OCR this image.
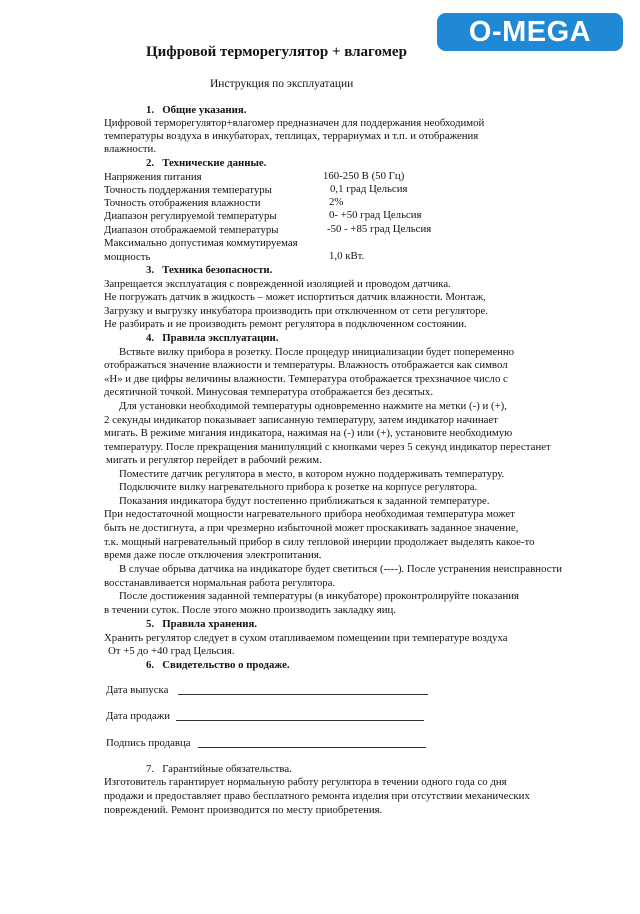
O-MEGA
Цифровой терморегулятор + влагомер
Инструкция по эксплуатации
1.   Общие указания.
Цифровой терморегулятор+влагомер предназначен для поддержания необходимой
температуры воздуха в инкубаторах, теплицах, террариумах и т.п. и отображения
влажности.
2.   Технические данные.
Напряжения питания	160-250 В (50 Гц)
Точность поддержания температуры	0,1 град Цельсия
Точность отображения влажности	2%
Диапазон регулируемой температуры	0- +50 град Цельсия
Диапазон отображаемой температуры	-50 - +85 град Цельсия
Максимально допустимая коммутируемая
мощность	1,0 кВт.
3.   Техника безопасности.
Запрещается эксплуатация с поврежденной изоляцией и проводом датчика.
Не погружать датчик в жидкость – может испортиться датчик влажности. Монтаж,
Загрузку и выгрузку инкубатора производить при отключенном от сети регуляторе.
Не разбирать и не производить ремонт регулятора в подключенном состоянии.
4.   Правила эксплуатации.
Вствьте вилку прибора в розетку. После процедур инициализации будет попеременно
отображаться значение влажности и температуры. Влажность отображается как символ
«Н» и две цифры величины влажности. Температура отображается трехзначное число с
десятичной точкой. Минусовая температура отображается без десятых.
Для установки необходимой температуры одновременно нажмите на метки (-) и (+),
2 секунды индикатор показывает записанную температуру, затем индикатор начинает
мигать. В режиме мигания индикатора, нажимая на (-) или (+), установите необходимую
температуру. После прекращения манипуляций с кнопками через 5 секунд индикатор перестанет
мигать и регулятор перейдет в рабочий режим.
Поместите датчик регулятора в место, в котором нужно поддерживать температуру.
Подключите вилку нагревательного прибора к розетке на корпусе регулятора.
Показания индикатора будут постепенно приближаться к заданной температуре.
При недостаточной мощности нагревательного прибора необходимая температура может
быть не достигнута, а при чрезмерно избыточной может проскакивать заданное значение,
т.к. мощный нагревательный прибор в силу тепловой инерции продолжает выделять какое-то
время даже после отключения электропитания.
В случае обрыва датчика на индикаторе будет светиться (----). После устранения неисправности
восстанавливается нормальная работа регулятора.
После достижения заданной температуры (в инкубаторе) проконтролируйте показания
в течении суток. После этого можно производить закладку яиц.
5.   Правила хранения.
Хранить регулятор следует в сухом отапливаемом помещении при температуре воздуха
От +5 до +40 град Цельсия.
6.   Свидетельство о продаже.
Дата выпуска
Дата продажи
Подпись продавца
7.   Гарантийные обязательства.
Изготовитель гарантирует нормальную работу регулятора в течении одного года со дня
продажи и предоставляет право бесплатного ремонта изделия при отсутствии механических
повреждений. Ремонт производится по месту приобретения.
